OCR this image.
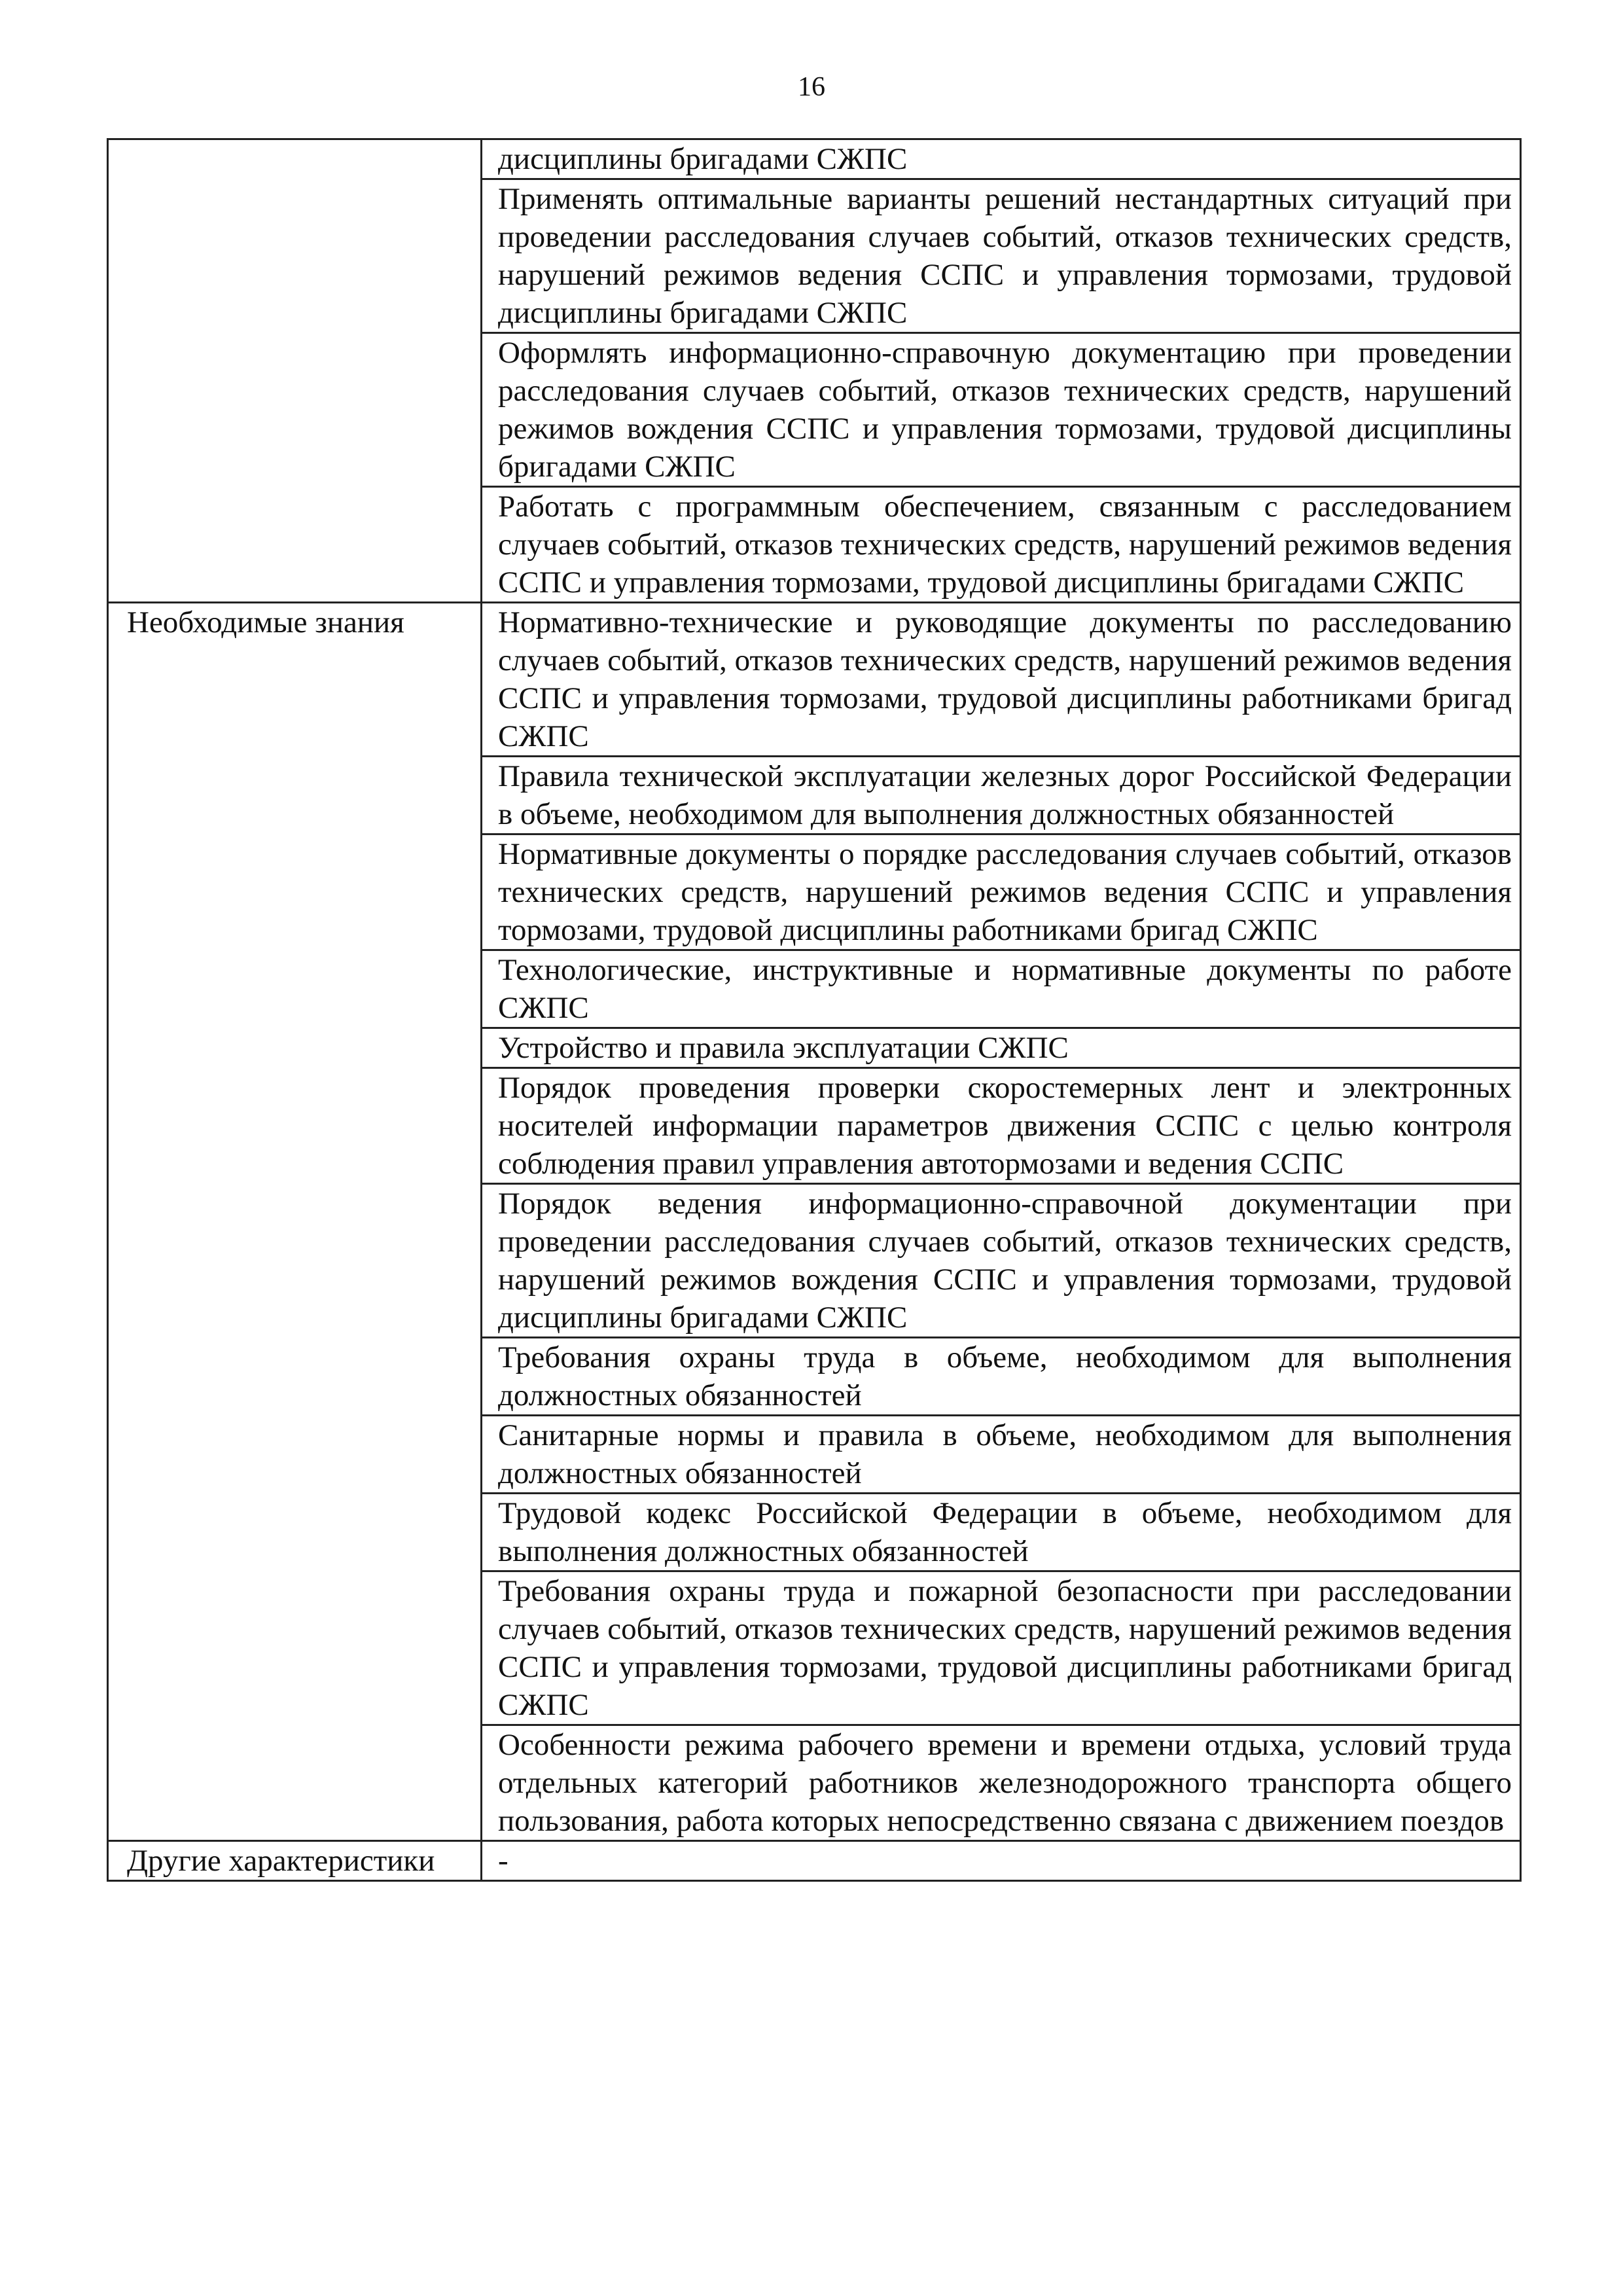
16
	дисциплины бригадами СЖПС
	Применять оптимальные варианты решений нестандартных ситуаций при проведении расследования случаев событий, отказов технических средств, нарушений режимов ведения ССПС и управления тормозами, трудовой дисциплины бригадами СЖПС
	Оформлять информационно-справочную документацию при проведении расследования случаев событий, отказов технических средств, нарушений режимов вождения ССПС и управления тормозами, трудовой дисциплины бригадами СЖПС
	Работать с программным обеспечением, связанным с расследованием случаев событий, отказов технических средств, нарушений режимов ведения ССПС и управления тормозами, трудовой дисциплины бригадами СЖПС
Необходимые знания	Нормативно-технические и руководящие документы по расследованию случаев событий, отказов технических средств, нарушений режимов ведения ССПС и управления тормозами, трудовой дисциплины работниками бригад СЖПС
	Правила технической эксплуатации железных дорог Российской Федерации в объеме, необходимом для выполнения должностных обязанностей
	Нормативные документы о порядке расследования случаев событий, отказов технических средств, нарушений режимов ведения ССПС и управления тормозами, трудовой дисциплины работниками бригад СЖПС
	Технологические, инструктивные и нормативные документы по работе СЖПС
	Устройство и правила эксплуатации СЖПС
	Порядок проведения проверки скоростемерных лент и электронных носителей информации параметров движения ССПС с целью контроля соблюдения правил управления автотормозами и ведения ССПС
	Порядок ведения информационно-справочной документации при проведении расследования случаев событий, отказов технических средств, нарушений режимов вождения ССПС и управления тормозами, трудовой дисциплины бригадами СЖПС
	Требования охраны труда в объеме, необходимом для выполнения должностных обязанностей
	Санитарные нормы и правила в объеме, необходимом для выполнения должностных обязанностей
	Трудовой кодекс Российской Федерации в объеме, необходимом для выполнения должностных обязанностей
	Требования охраны труда и пожарной безопасности при расследовании случаев событий, отказов технических средств, нарушений режимов ведения ССПС и управления тормозами, трудовой дисциплины работниками бригад СЖПС
	Особенности режима рабочего времени и времени отдыха, условий труда отдельных категорий работников железнодорожного транспорта общего пользования, работа которых непосредственно связана с движением поездов
Другие характеристики	-
